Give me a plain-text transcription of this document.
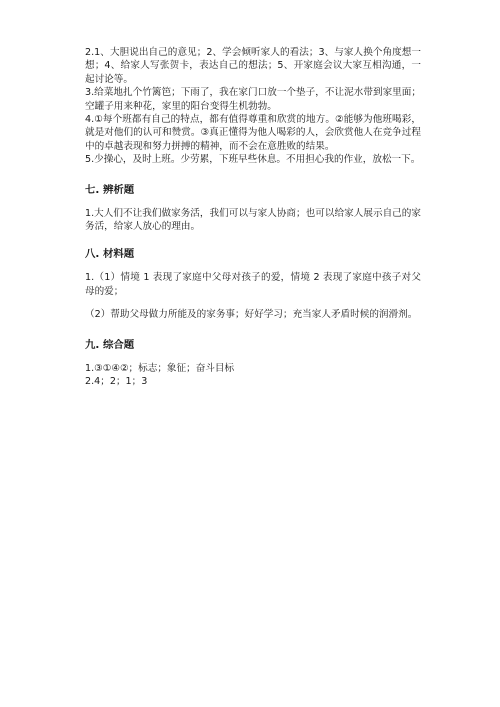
2.1、大胆说出自己的意见；2、学会倾听家人的看法；3、与家人换个角度想一想；4、给家人写张贺卡，表达自己的想法；5、开家庭会议大家互相沟通，一起讨论等。

3.给菜地扎个竹篱笆；下雨了，我在家门口放一个垫子，不让泥水带到家里面；空罐子用来种花，家里的阳台变得生机勃勃。

4.①每个班都有自己的特点，都有值得尊重和欣赏的地方。②能够为他班喝彩，就是对他们的认可和赞赏。③真正懂得为他人喝彩的人，会欣赏他人在竞争过程中的卓越表现和努力拼搏的精神，而不会在意胜败的结果。

5.少操心，及时上班。少劳累，下班早些休息。不用担心我的作业，放松一下。

七. 辨析题

1.大人们不让我们做家务活，我们可以与家人协商；也可以给家人展示自己的家务活，给家人放心的理由。

八. 材料题

1.（1）情境 1 表现了家庭中父母对孩子的爱，情境 2 表现了家庭中孩子对父母的爱；

（2）帮助父母做力所能及的家务事；好好学习；充当家人矛盾时候的润滑剂。

九. 综合题

1.③①④②；标志；象征；奋斗目标

2.4；2；1；3
